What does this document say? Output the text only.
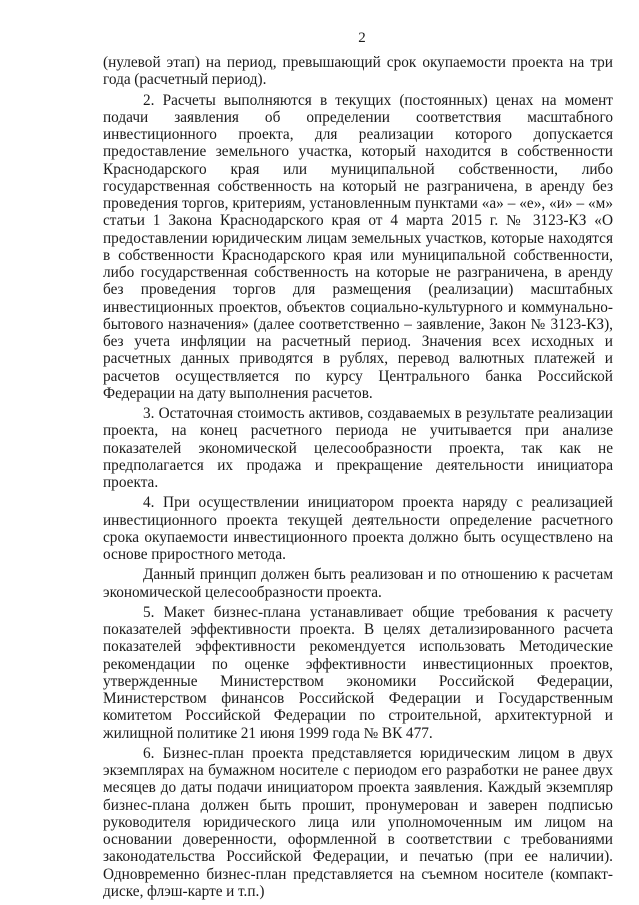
2

(нулевой этап) на период, превышающий срок окупаемости проекта на три года (расчетный период).

2. Расчеты выполняются в текущих (постоянных) ценах на момент подачи заявления об определении соответствия масштабного инвестиционного проекта, для реализации которого допускается предоставление земельного участка, который находится в собственности Краснодарского края или муниципальной собственности, либо государственная собственность на который не разграничена, в аренду без проведения торгов, критериям, установленным пунктами «а» – «е», «и» – «м» статьи 1 Закона Краснодарского края от 4 марта 2015 г. № 3123-КЗ «О предоставлении юридическим лицам земельных участков, которые находятся в собственности Краснодарского края или муниципальной собственности, либо государственная собственность на которые не разграничена, в аренду без проведения торгов для размещения (реализации) масштабных инвестиционных проектов, объектов социально-культурного и коммунально-бытового назначения» (далее соответственно – заявление, Закон № 3123-КЗ), без учета инфляции на расчетный период. Значения всех исходных и расчетных данных приводятся в рублях, перевод валютных платежей и расчетов осуществляется по курсу Центрального банка Российской Федерации на дату выполнения расчетов.

3. Остаточная стоимость активов, создаваемых в результате реализации проекта, на конец расчетного периода не учитывается при анализе показателей экономической целесообразности проекта, так как не предполагается их продажа и прекращение деятельности инициатора проекта.

4. При осуществлении инициатором проекта наряду с реализацией инвестиционного проекта текущей деятельности определение расчетного срока окупаемости инвестиционного проекта должно быть осуществлено на основе приростного метода.

Данный принцип должен быть реализован и по отношению к расчетам экономической целесообразности проекта.

5. Макет бизнес-плана устанавливает общие требования к расчету показателей эффективности проекта. В целях детализированного расчета показателей эффективности рекомендуется использовать Методические рекомендации по оценке эффективности инвестиционных проектов, утвержденные Министерством экономики Российской Федерации, Министерством финансов Российской Федерации и Государственным комитетом Российской Федерации по строительной, архитектурной и жилищной политике 21 июня 1999 года № ВК 477.

6. Бизнес-план проекта представляется юридическим лицом в двух экземплярах на бумажном носителе с периодом его разработки не ранее двух месяцев до даты подачи инициатором проекта заявления. Каждый экземпляр бизнес-плана должен быть прошит, пронумерован и заверен подписью руководителя юридического лица или уполномоченным им лицом на основании доверенности, оформленной в соответствии с требованиями законодательства Российской Федерации, и печатью (при ее наличии). Одновременно бизнес-план представляется на съемном носителе (компакт-диске, флэш-карте и т.п.)
